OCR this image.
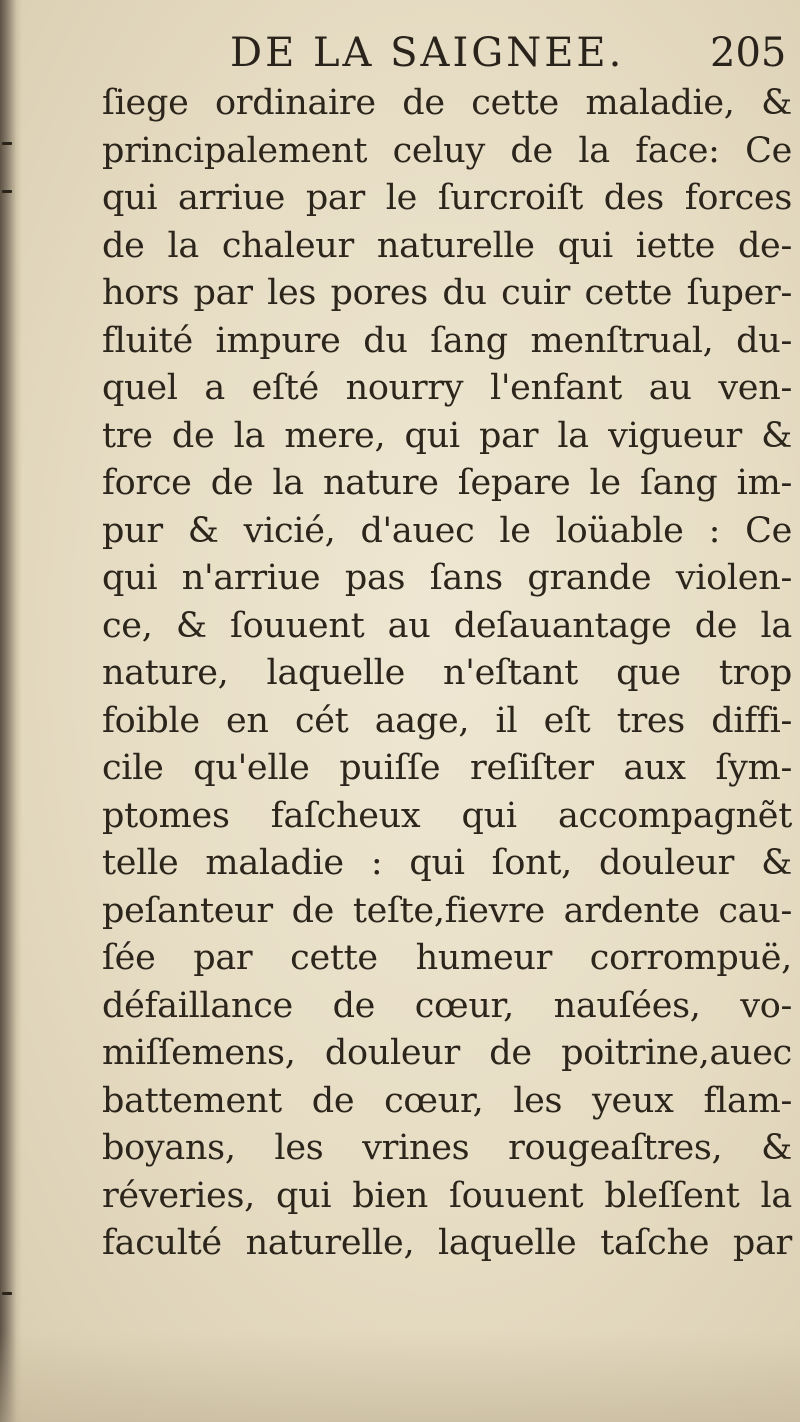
DE LA SAIGNEE. 205
ſiege ordinaire de cette maladie, &
principalement celuy de la face: Ce
qui arriue par le ſurcroiſt des forces
de la chaleur naturelle qui iette de-
hors par les pores du cuir cette ſuper-
fluité impure du ſang menſtrual, du-
quel a eſté nourry l'enfant au ven-
tre de la mere, qui par la vigueur &
force de la nature ſepare le ſang im-
pur & vicié, d'auec le loüable : Ce
qui n'arriue pas ſans grande violen-
ce, & ſouuent au deſauantage de la
nature, laquelle n'eſtant que trop
foible en cét aage, il eſt tres diffi-
cile qu'elle puiſſe reſiſter aux ſym-
ptomes faſcheux qui accompagnẽt
telle maladie : qui ſont, douleur &
peſanteur de teſte,fievre ardente cau-
ſée par cette humeur corrompuë,
défaillance de cœur, nauſées, vo-
miſſemens, douleur de poitrine,auec
battement de cœur, les yeux flam-
boyans, les vrines rougeaſtres, &
réveries, qui bien ſouuent bleſſent la
faculté naturelle, laquelle taſche par
